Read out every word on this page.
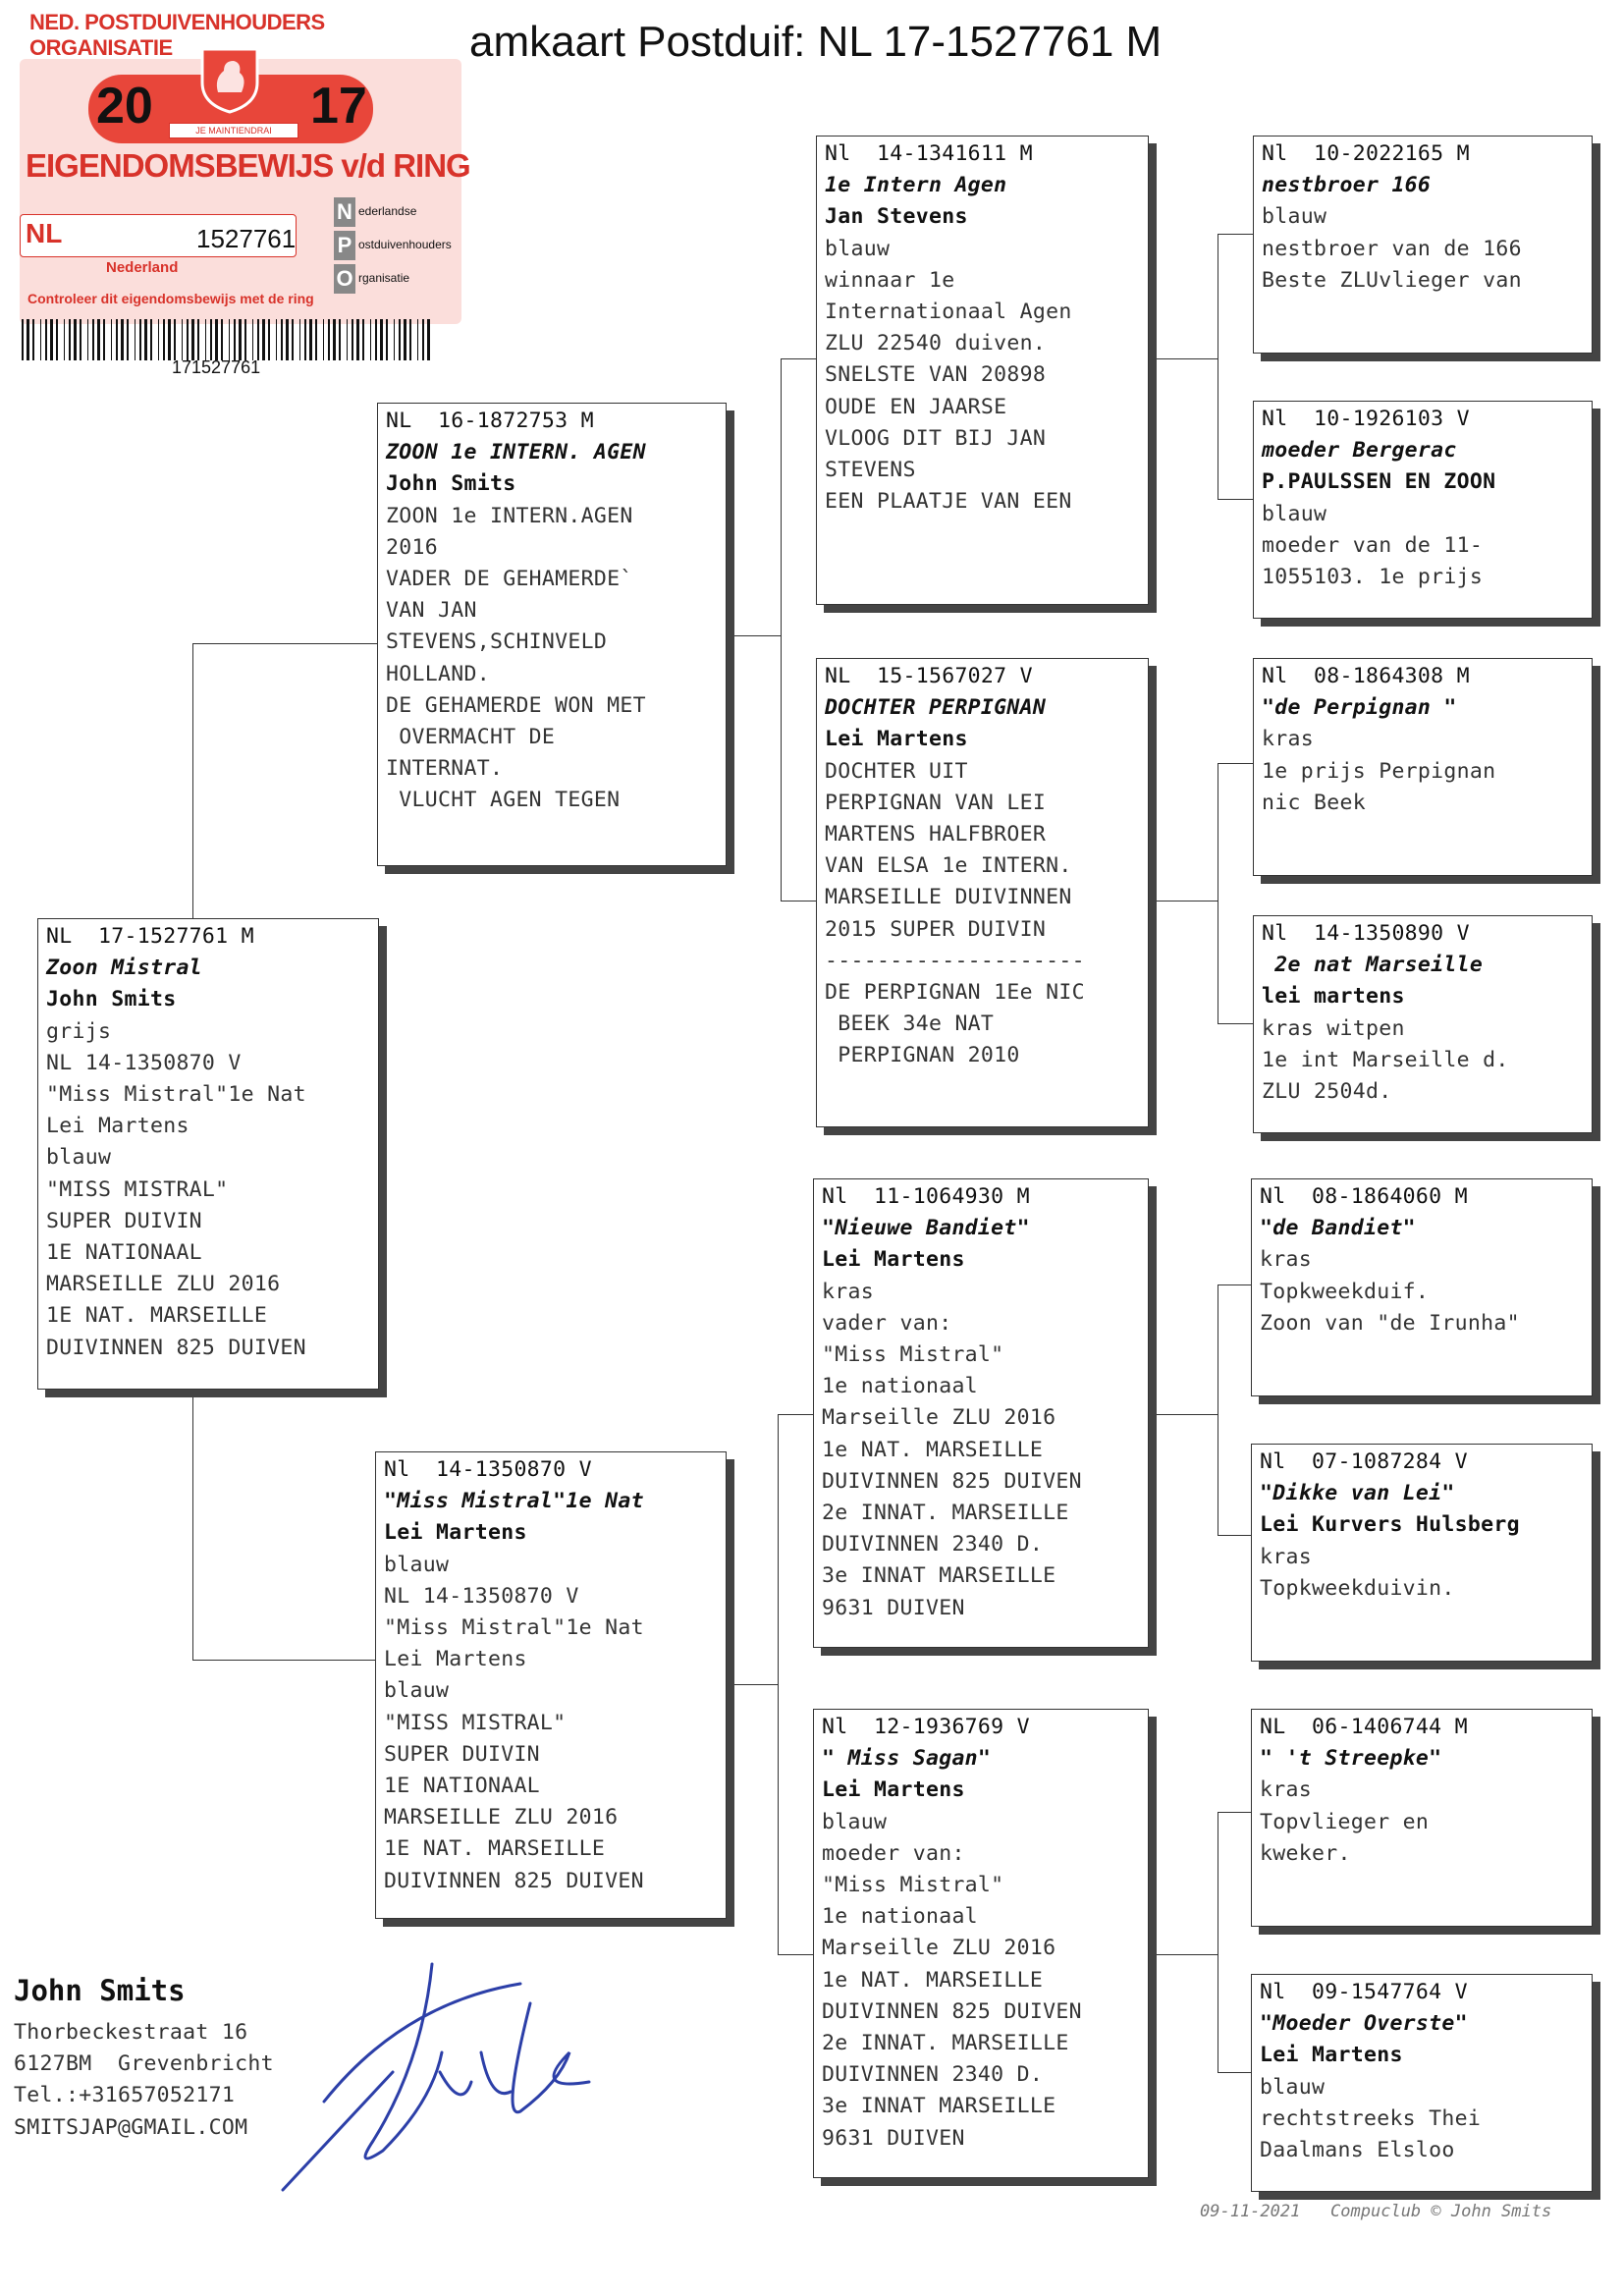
NED. POSTDUIVENHOUDERS ORGANISATIE
20	17
JE MAINTIENDRAI
EIGENDOMSBEWIJS v/d RING
NL	1527761
Nederland
Controleer dit eigendomsbewijs met de ring
N ederlandse
P ostduivenhouders
O rganisatie
171527761
amkaart Postduif: NL 17-1527761 M
NL  17-1527761 M
Zoon Mistral
John Smits
grijs
NL 14-1350870 V
"Miss Mistral"1e Nat
Lei Martens
blauw
"MISS MISTRAL"
SUPER DUIVIN
1E NATIONAAL
MARSEILLE ZLU 2016
1E NAT. MARSEILLE
DUIVINNEN 825 DUIVEN
NL  16-1872753 M
ZOON 1e INTERN. AGEN
John Smits
ZOON 1e INTERN.AGEN
2016
VADER DE GEHAMERDE`
VAN JAN
STEVENS,SCHINVELD
HOLLAND.
DE GEHAMERDE WON MET
OVERMACHT DE
INTERNAT.
VLUCHT AGEN TEGEN
Nl  14-1350870 V
"Miss Mistral"1e Nat
Lei Martens
blauw
NL 14-1350870 V
"Miss Mistral"1e Nat
Lei Martens
blauw
"MISS MISTRAL"
SUPER DUIVIN
1E NATIONAAL
MARSEILLE ZLU 2016
1E NAT. MARSEILLE
DUIVINNEN 825 DUIVEN
Nl  14-1341611 M
1e Intern Agen
Jan Stevens
blauw
winnaar 1e
Internationaal Agen
ZLU 22540 duiven.
SNELSTE VAN 20898
OUDE EN JAARSE
VLOOG DIT BIJ JAN
STEVENS
EEN PLAATJE VAN EEN
NL  15-1567027 V
DOCHTER PERPIGNAN
Lei Martens
DOCHTER UIT
PERPIGNAN VAN LEI
MARTENS HALFBROER
VAN ELSA 1e INTERN.
MARSEILLE DUIVINNEN
2015 SUPER DUIVIN
--------------------
DE PERPIGNAN 1Ee NIC
BEEK 34e NAT
PERPIGNAN 2010
Nl  11-1064930 M
"Nieuwe Bandiet"
Lei Martens
kras
vader van:
"Miss Mistral"
1e nationaal
Marseille ZLU 2016
1e NAT. MARSEILLE
DUIVINNEN 825 DUIVEN
2e INNAT. MARSEILLE
DUIVINNEN 2340 D.
3e INNAT MARSEILLE
9631 DUIVEN
Nl  12-1936769 V
" Miss Sagan"
Lei Martens
blauw
moeder van:
"Miss Mistral"
1e nationaal
Marseille ZLU 2016
1e NAT. MARSEILLE
DUIVINNEN 825 DUIVEN
2e INNAT. MARSEILLE
DUIVINNEN 2340 D.
3e INNAT MARSEILLE
9631 DUIVEN
Nl  10-2022165 M
nestbroer 166
blauw
nestbroer van de 166
Beste ZLUvlieger van
Nl  10-1926103 V
moeder Bergerac
P.PAULSSEN EN ZOON
blauw
moeder van de 11-
1055103. 1e prijs
Nl  08-1864308 M
"de Perpignan "
kras
1e prijs Perpignan
nic Beek
Nl  14-1350890 V
2e nat Marseille
lei martens
kras witpen
1e int Marseille d.
ZLU 2504d.
Nl  08-1864060 M
"de Bandiet"
kras
Topkweekduif.
Zoon van "de Irunha"
Nl  07-1087284 V
"Dikke van Lei"
Lei Kurvers Hulsberg
kras
Topkweekduivin.
NL  06-1406744 M
" 't Streepke"
kras
Topvlieger en
kweker.
Nl  09-1547764 V
"Moeder Overste"
Lei Martens
blauw
rechtstreeks Thei
Daalmans Elsloo
John Smits
Thorbeckestraat 16
6127BM  Grevenbricht
Tel.:+31657052171
SMITSJAP@GMAIL.COM
09-11-2021   Compuclub © John Smits
